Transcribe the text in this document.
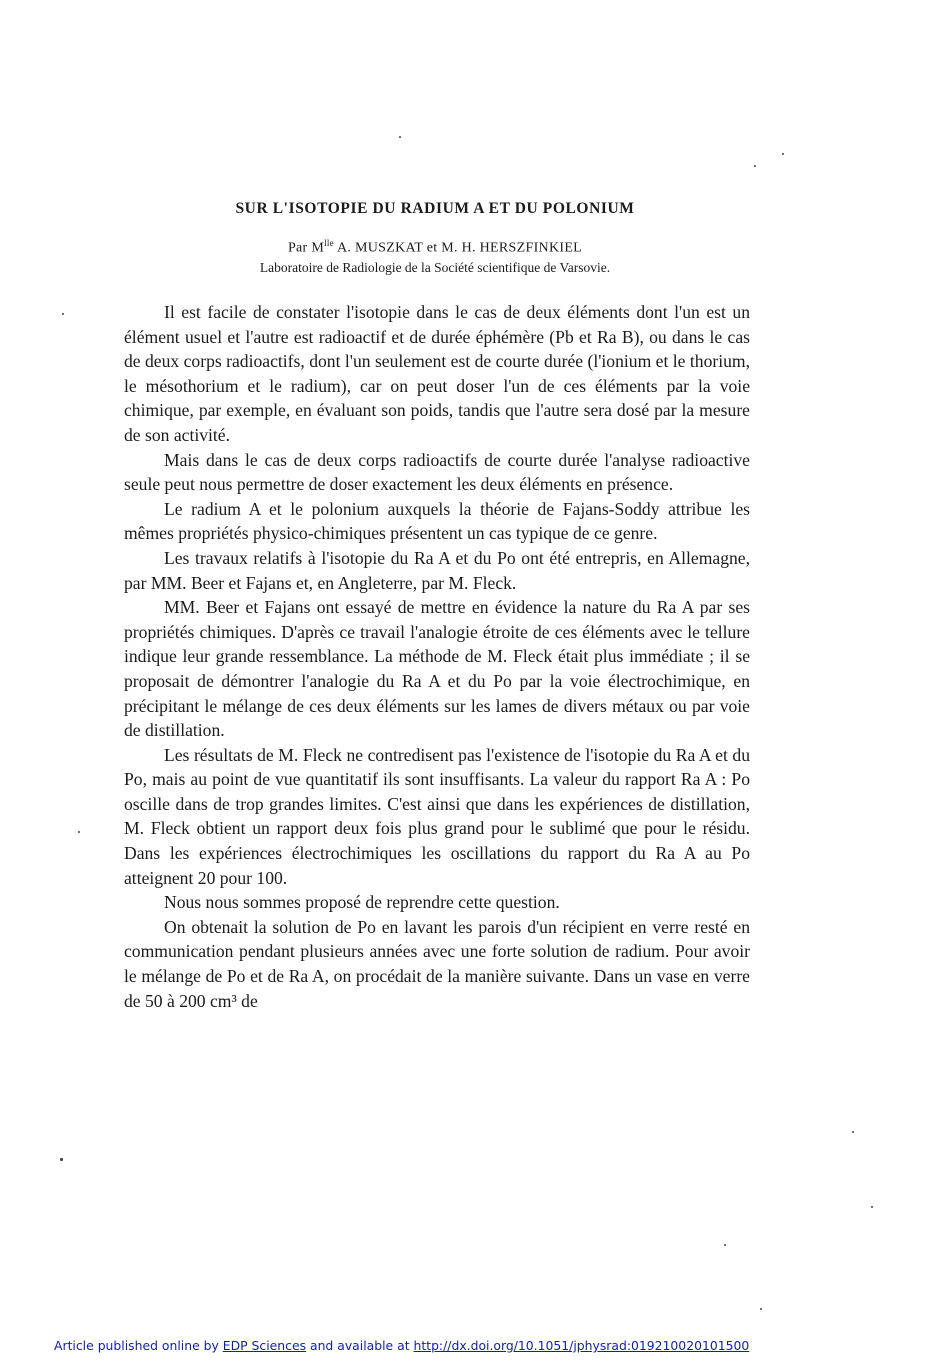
SUR L'ISOTOPIE DU RADIUM A ET DU POLONIUM
Par $M^{lle}$ A. MUSZKAT et M. H. HERSZFINKIEL
Laboratoire de Radiologie de la Société scientifique de Varsovie.

Il est facile de constater l'isotopie dans le cas de deux éléments dont l'un est un élément usuel et l'autre est radioactif et de durée éphémère (Pb et Ra B), ou dans le cas de deux corps radioactifs, dont l'un seulement est de courte durée (l'ionium et le thorium, le mésothorium et le radium), car on peut doser l'un de ces éléments par la voie chimique, par exemple, en évaluant son poids, tandis que l'autre sera dosé par la mesure de son activité.

Mais dans le cas de deux corps radioactifs de courte durée l'analyse radioactive seule peut nous permettre de doser exactement les deux éléments en présence.

Le radium A et le polonium auxquels la théorie de Fajans-Soddy attribue les mêmes propriétés physico-chimiques présentent un cas typique de ce genre.

Les travaux relatifs à l'isotopie du Ra A et du Po ont été entrepris, en Allemagne, par MM. Beer et Fajans et, en Angleterre, par M. Fleck.

MM. Beer et Fajans ont essayé de mettre en évidence la nature du Ra A par ses propriétés chimiques. D'après ce travail l'analogie étroite de ces éléments avec le tellure indique leur grande ressemblance. La méthode de M. Fleck était plus immédiate ; il se proposait de démontrer l'analogie du Ra A et du Po par la voie électrochimique, en précipitant le mélange de ces deux éléments sur les lames de divers métaux ou par voie de distillation.

Les résultats de M. Fleck ne contredisent pas l'existence de l'isotopie du Ra A et du Po, mais au point de vue quantitatif ils sont insuffisants. La valeur du rapport Ra A : Po oscille dans de trop grandes limites. C'est ainsi que dans les expériences de distillation, M. Fleck obtient un rapport deux fois plus grand pour le sublimé que pour le résidu. Dans les expériences électrochimiques les oscillations du rapport du Ra A au Po atteignent 20 pour 100.

Nous nous sommes proposé de reprendre cette question.

On obtenait la solution de Po en lavant les parois d'un récipient en verre resté en communication pendant plusieurs années avec une forte solution de radium. Pour avoir le mélange de Po et de Ra A, on procédait de la manière suivante. Dans un vase en verre de 50 à 200 cm³ de

Article published online by EDP Sciences and available at http://dx.doi.org/10.1051/jphysrad:019210020101500
